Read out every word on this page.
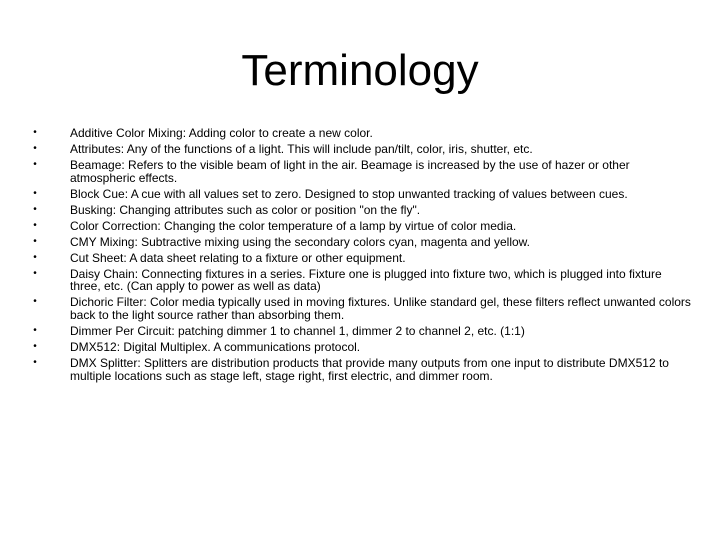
Terminology
•	Additive Color Mixing: Adding color to create a new color.
•	Attributes: Any of the functions of a light. This will include pan/tilt, color, iris, shutter, etc.
•	Beamage: Refers to the visible beam of light in the air. Beamage is increased by the use of hazer or other atmospheric effects.
•	Block Cue: A cue with all values set to zero. Designed to stop unwanted tracking of values between cues.
•	Busking: Changing attributes such as color or position "on the fly".
•	Color Correction: Changing the color temperature of a lamp by virtue of color media.
•	CMY Mixing: Subtractive mixing using the secondary colors cyan, magenta and yellow.
•	Cut Sheet: A data sheet relating to a fixture or other equipment.
•	Daisy Chain: Connecting fixtures in a series. Fixture one is plugged into fixture two, which is plugged into fixture three, etc. (Can apply to power as well as data)
•	Dichoric Filter: Color media typically used in moving fixtures. Unlike standard gel, these filters reflect unwanted colors back to the light source rather than absorbing them.
•	Dimmer Per Circuit: patching dimmer 1 to channel 1, dimmer 2 to channel 2, etc. (1:1)
•	DMX512: Digital Multiplex. A communications protocol.
•	DMX Splitter: Splitters are distribution products that provide many outputs from one input to distribute DMX512 to multiple locations such as stage left, stage right, first electric, and dimmer room.
